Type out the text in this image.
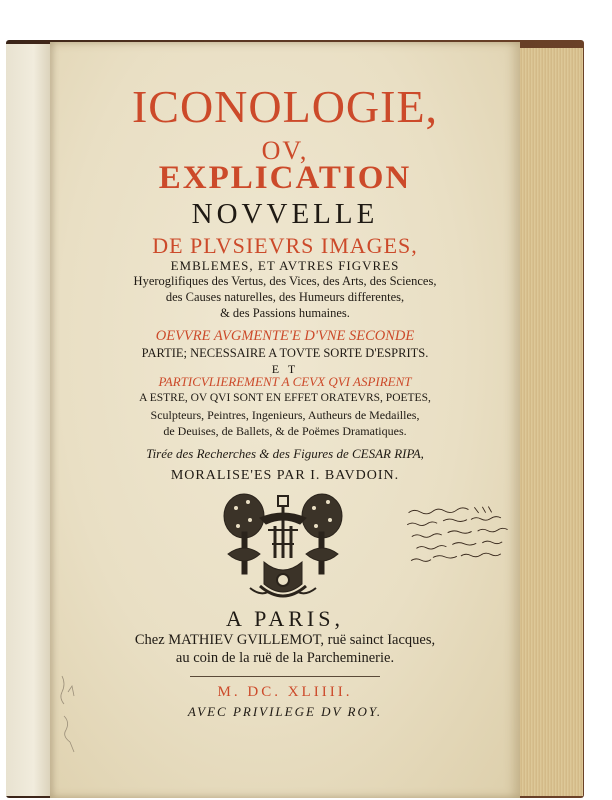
ICONOLOGIE,
OV,
EXPLICATION
NOVVELLE
DE PLVSIEVRS IMAGES,
EMBLEMES, ET AVTRES FIGVRES
Hyeroglifiques des Vertus, des Vices, des Arts, des Sciences,
des Causes naturelles, des Humeurs differentes,
& des Passions humaines.
OEVVRE AVGMENTE'E D'VNE SECONDE
PARTIE; NECESSAIRE A TOVTE SORTE D'ESPRITS.
E T
PARTICVLIEREMENT A CEVX QVI ASPIRENT
A ESTRE, OV QVI SONT EN EFFET ORATEVRS, POETES,
Sculpteurs, Peintres, Ingenieurs, Autheurs de Medailles,
de Deuises, de Ballets, & de Poëmes Dramatiques.
Tirée des Recherches & des Figures de CESAR RIPA,
MORALISE'ES PAR I. BAVDOIN.
A PARIS,
Chez MATHIEV GVILLEMOT, ruë sainct Iacques,
au coin de la ruë de la Parcheminerie.
M. DC. XLIIII.
AVEC PRIVILEGE DV ROY.
